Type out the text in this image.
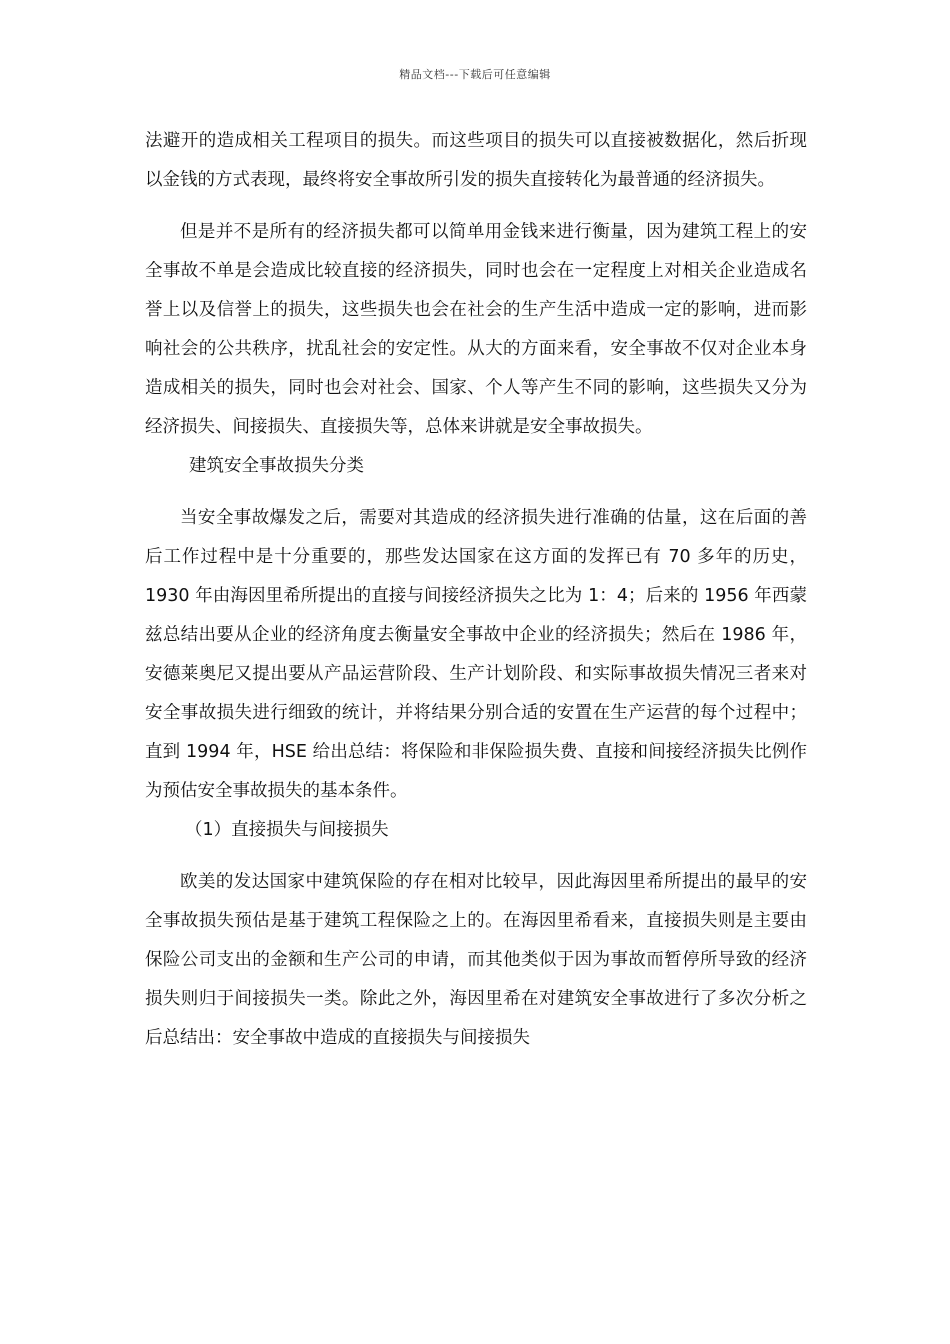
精品文档---下载后可任意编辑

法避开的造成相关工程项目的损失。而这些项目的损失可以直接被数据化，然后折现以金钱的方式表现，最终将安全事故所引发的损失直接转化为最普通的经济损失。

但是并不是所有的经济损失都可以简单用金钱来进行衡量，因为建筑工程上的安全事故不单是会造成比较直接的经济损失，同时也会在一定程度上对相关企业造成名誉上以及信誉上的损失，这些损失也会在社会的生产生活中造成一定的影响，进而影响社会的公共秩序，扰乱社会的安定性。从大的方面来看，安全事故不仅对企业本身造成相关的损失，同时也会对社会、国家、个人等产生不同的影响，这些损失又分为经济损失、间接损失、直接损失等，总体来讲就是安全事故损失。

建筑安全事故损失分类

当安全事故爆发之后，需要对其造成的经济损失进行准确的估量，这在后面的善后工作过程中是十分重要的，那些发达国家在这方面的发挥已有 70 多年的历史，1930 年由海因里希所提出的直接与间接经济损失之比为 1：4；后来的 1956 年西蒙兹总结出要从企业的经济角度去衡量安全事故中企业的经济损失；然后在 1986 年，安德莱奥尼又提出要从产品运营阶段、生产计划阶段、和实际事故损失情况三者来对安全事故损失进行细致的统计，并将结果分别合适的安置在生产运营的每个过程中；直到 1994 年，HSE 给出总结：将保险和非保险损失费、直接和间接经济损失比例作为预估安全事故损失的基本条件。

（1）直接损失与间接损失

欧美的发达国家中建筑保险的存在相对比较早，因此海因里希所提出的最早的安全事故损失预估是基于建筑工程保险之上的。在海因里希看来，直接损失则是主要由保险公司支出的金额和生产公司的申请，而其他类似于因为事故而暂停所导致的经济损失则归于间接损失一类。除此之外，海因里希在对建筑安全事故进行了多次分析之后总结出：安全事故中造成的直接损失与间接损失
